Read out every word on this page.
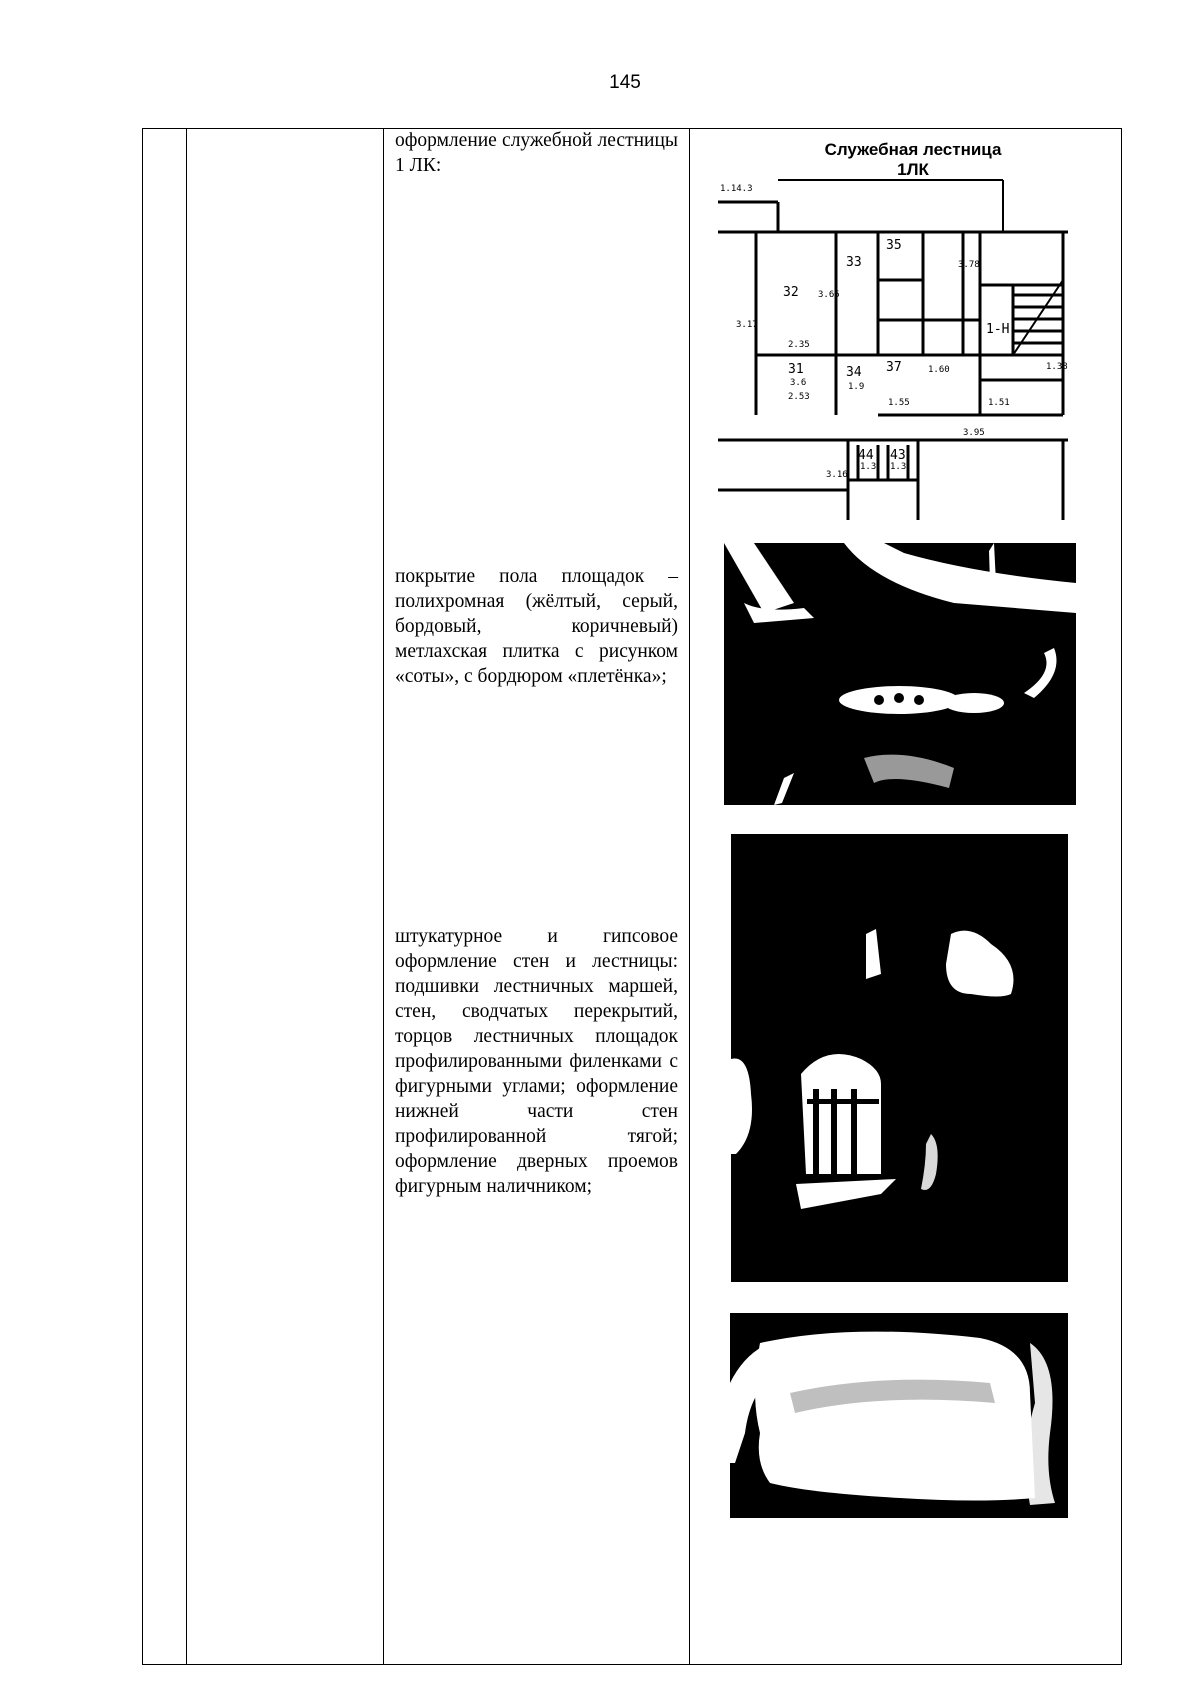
145
оформление служебной лестницы 1 ЛК:
покрытие пола площадок – полихромная (жёлтый, серый, бордовый, коричневый) метлахская плитка с рисунком «соты», с бордюром «плетёнка»;
штукатурное и гипсовое оформление стен и лестницы: подшивки лестничных маршей, стен, сводчатых перекрытий, торцов лестничных площадок профилированными филенками с фигурными углами; оформление нижней части стен профилированной тягой; оформление дверных проемов фигурным наличником;
Служебная лестница
1ЛК
32
33
35
31	34 37
1-Н
44 43
1.14.3
3.17
3.65
3.78
2.53
3.6	1.9
1.55
1.60	1.38
3.95
3.16
1.3 1.3
2.35
1.51
